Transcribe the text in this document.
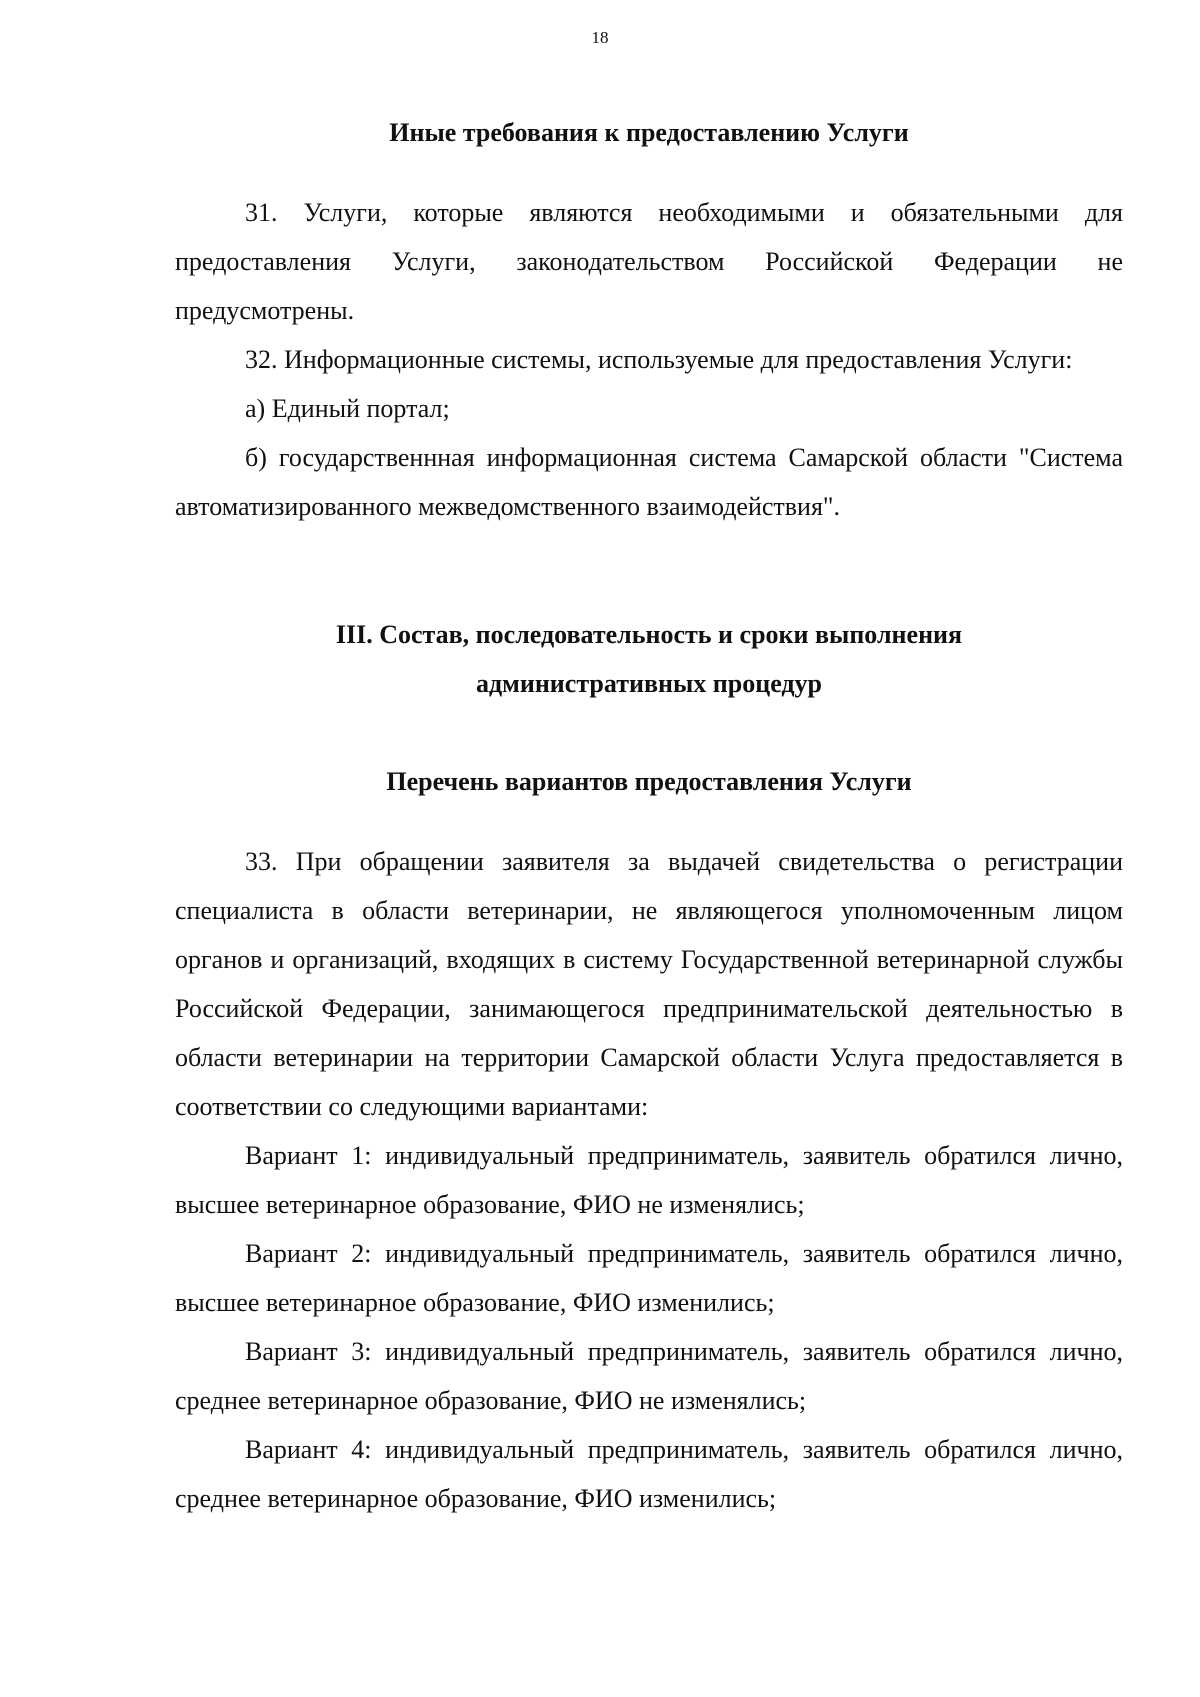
18
Иные требования к предоставлению Услуги

31. Услуги, которые являются необходимыми и обязательными для предоставления Услуги, законодательством Российской Федерации не предусмотрены.

32. Информационные системы, используемые для предоставления Услуги:

а) Единый портал;

б) государственнная информационная система Самарской области "Система автоматизированного межведомственного взаимодействия".

III. Состав, последовательность и сроки выполнения
административных процедур
Перечень вариантов предоставления Услуги

33. При обращении заявителя за выдачей свидетельства о регистрации специалиста в области ветеринарии, не являющегося уполномоченным лицом органов и организаций, входящих в систему Государственной ветеринарной службы Российской Федерации, занимающегося предпринимательской деятельностью в области ветеринарии на территории Самарской области Услуга предоставляется в соответствии со следующими вариантами:

Вариант 1: индивидуальный предприниматель, заявитель обратился лично, высшее ветеринарное образование, ФИО не изменялись;

Вариант 2: индивидуальный предприниматель, заявитель обратился лично, высшее ветеринарное образование, ФИО изменились;

Вариант 3: индивидуальный предприниматель, заявитель обратился лично, среднее ветеринарное образование, ФИО не изменялись;

Вариант 4: индивидуальный предприниматель, заявитель обратился лично, среднее ветеринарное образование, ФИО изменились;
